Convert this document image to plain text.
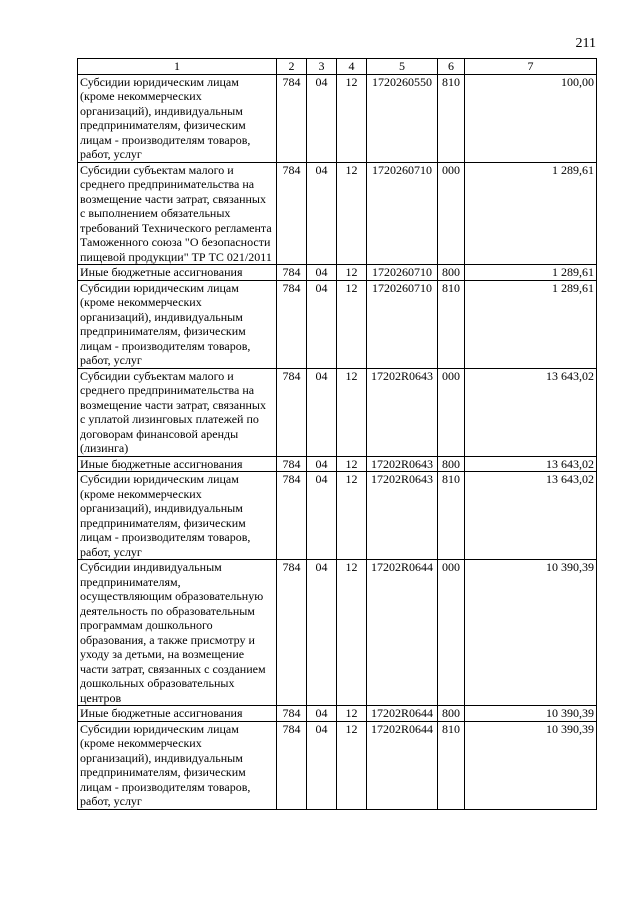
211
1	2	3	4	5	6	7
Субсидии юридическим лицам (кроме некоммерческих организаций), индивидуальным предпринимателям, физическим лицам - производителям товаров, работ, услуг	784	04	12	1720260550	810	100,00
Субсидии субъектам малого и среднего предпринимательства на возмещение части затрат, связанных с выполнением обязательных требований Технического регламента Таможенного союза "О безопасности пищевой продукции" ТР ТС 021/2011	784	04	12	1720260710	000	1 289,61
Иные бюджетные ассигнования	784	04	12	1720260710	800	1 289,61
Субсидии юридическим лицам (кроме некоммерческих организаций), индивидуальным предпринимателям, физическим лицам - производителям товаров, работ, услуг	784	04	12	1720260710	810	1 289,61
Субсидии субъектам малого и среднего предпринимательства на возмещение части затрат, связанных с уплатой лизинговых платежей по договорам финансовой аренды (лизинга)	784	04	12	17202R0643	000	13 643,02
Иные бюджетные ассигнования	784	04	12	17202R0643	800	13 643,02
Субсидии юридическим лицам (кроме некоммерческих организаций), индивидуальным предпринимателям, физическим лицам - производителям товаров, работ, услуг	784	04	12	17202R0643	810	13 643,02
Субсидии индивидуальным предпринимателям, осуществляющим образовательную деятельность по образовательным программам дошкольного образования, а также присмотру и уходу за детьми, на возмещение части затрат, связанных с созданием дошкольных образовательных центров	784	04	12	17202R0644	000	10 390,39
Иные бюджетные ассигнования	784	04	12	17202R0644	800	10 390,39
Субсидии юридическим лицам (кроме некоммерческих организаций), индивидуальным предпринимателям, физическим лицам - производителям товаров, работ, услуг	784	04	12	17202R0644	810	10 390,39
